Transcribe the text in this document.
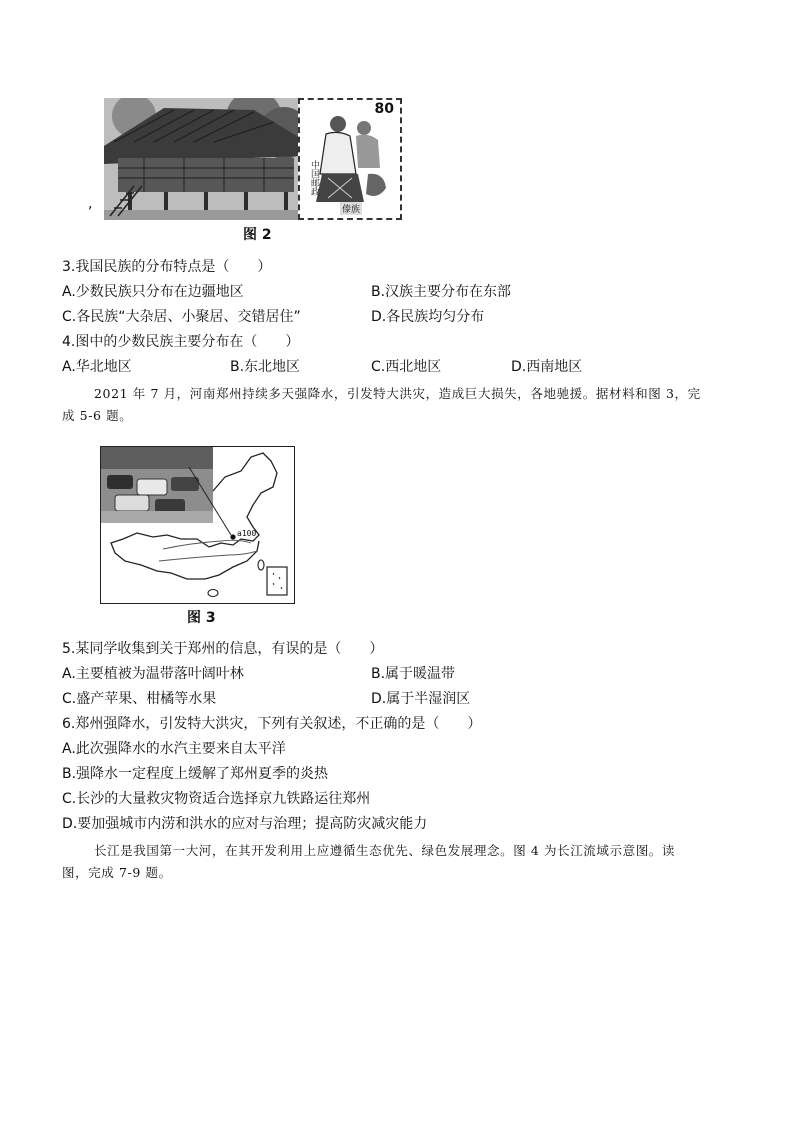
,
80
中国邮政
傣族
图 2
3.我国民族的分布特点是（　　）
A.少数民族只分布在边疆地区	B.汉族主要分布在东部
C.各民族“大杂居、小聚居、交错居住”	D.各民族均匀分布
4.图中的少数民族主要分布在（　　）
A.华北地区	B.东北地区	C.西北地区	D.西南地区
2021 年 7 月，河南郑州持续多天强降水，引发特大洪灾，造成巨大损失，各地驰援。据材料和图 3，完
成 5-6 题。
a100
图 3
5.某同学收集到关于郑州的信息，有误的是（　　）
A.主要植被为温带落叶阔叶林	B.属于暖温带
C.盛产苹果、柑橘等水果	D.属于半湿润区
6.郑州强降水，引发特大洪灾，下列有关叙述，不正确的是（　　）
A.此次强降水的水汽主要来自太平洋
B.强降水一定程度上缓解了郑州夏季的炎热
C.长沙的大量救灾物资适合选择京九铁路运往郑州
D.要加强城市内涝和洪水的应对与治理；提高防灾减灾能力
长江是我国第一大河，在其开发利用上应遵循生态优先、绿色发展理念。图 4 为长江流域示意图。读
图，完成 7-9 题。
